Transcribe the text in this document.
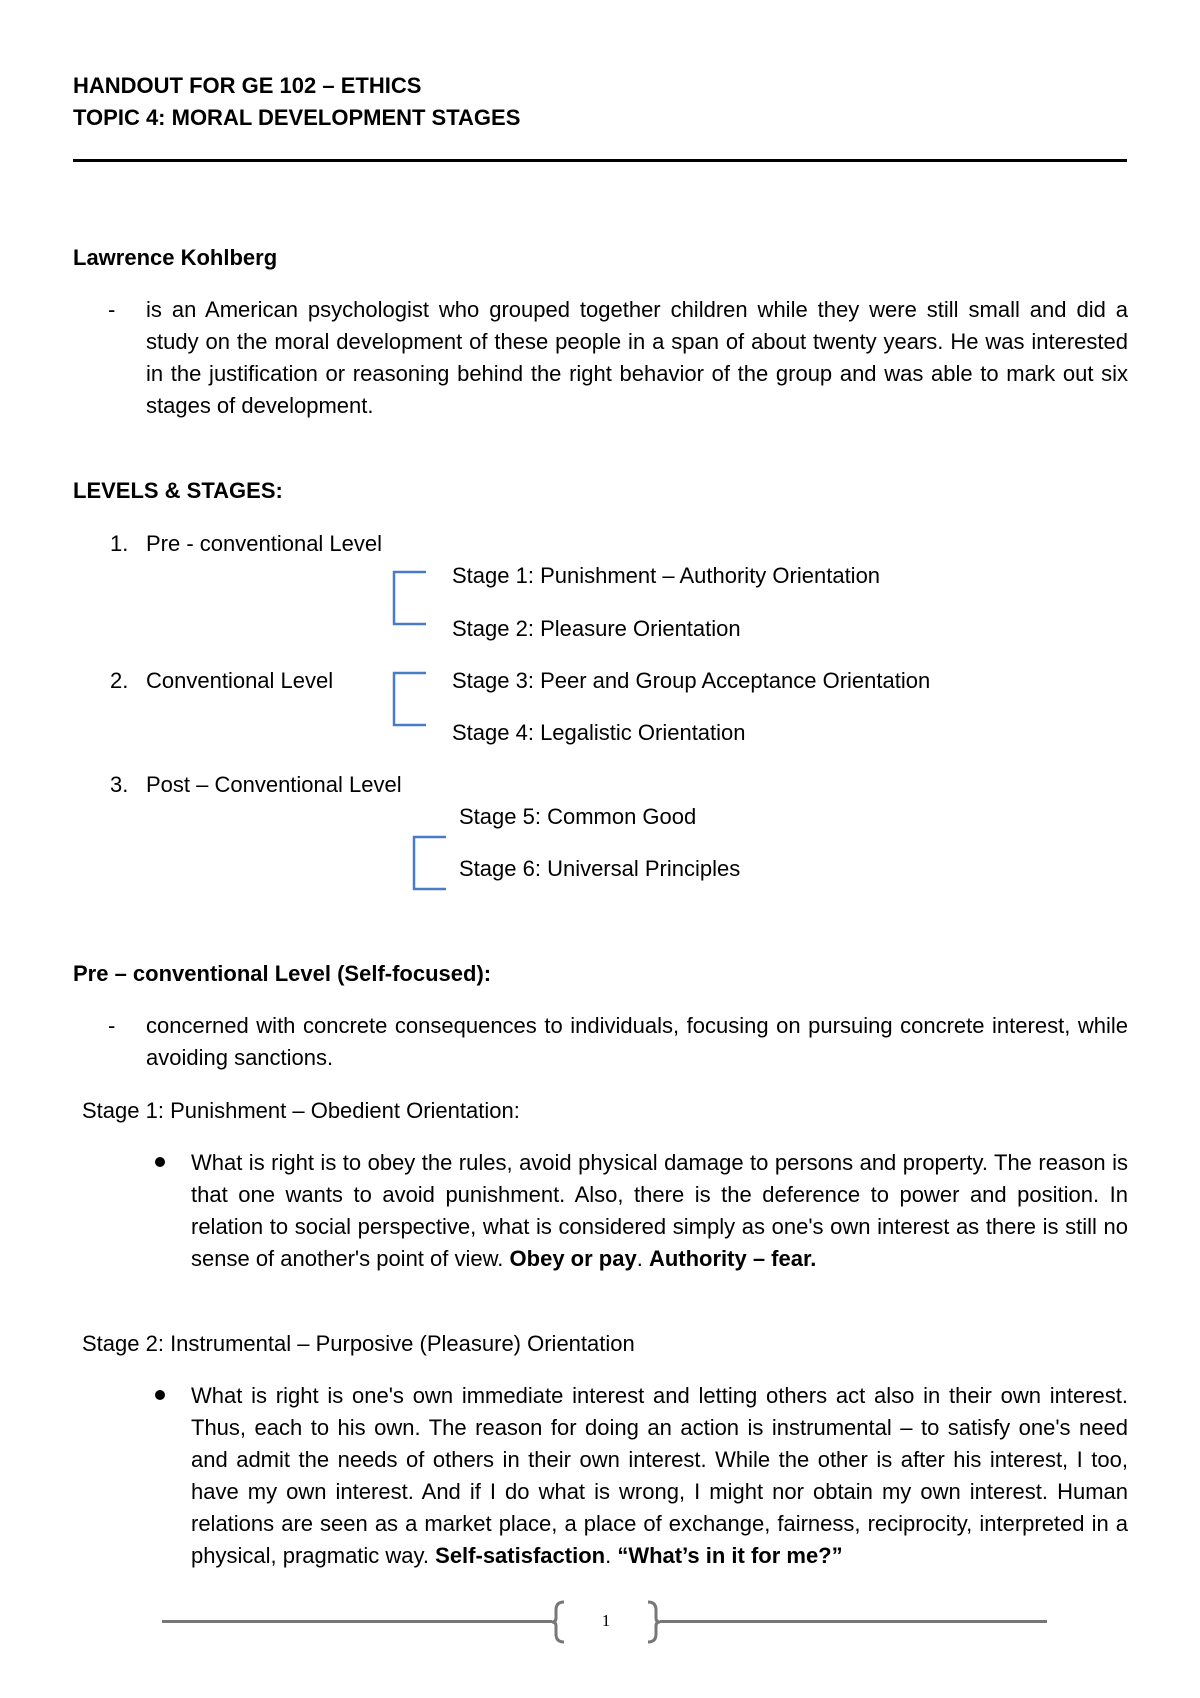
HANDOUT FOR GE 102 – ETHICS
TOPIC 4: MORAL DEVELOPMENT STAGES
Lawrence Kohlberg
- is an American psychologist who grouped together children while they were still small and did a study on the moral development of these people in a span of about twenty years. He was interested in the justification or reasoning behind the right behavior of the group and was able to mark out six stages of development.
LEVELS & STAGES:
1. Pre - conventional Level
Stage 1: Punishment – Authority Orientation
Stage 2: Pleasure Orientation
2. Conventional Level	Stage 3: Peer and Group Acceptance Orientation
Stage 4: Legalistic Orientation
3. Post – Conventional Level
Stage 5: Common Good
Stage 6: Universal Principles
Pre – conventional Level (Self-focused):
- concerned with concrete consequences to individuals, focusing on pursuing concrete interest, while avoiding sanctions.
Stage 1: Punishment – Obedient Orientation:
What is right is to obey the rules, avoid physical damage to persons and property. The reason is that one wants to avoid punishment. Also, there is the deference to power and position. In relation to social perspective, what is considered simply as one's own interest as there is still no sense of another's point of view. Obey or pay. Authority – fear.
Stage 2: Instrumental – Purposive (Pleasure) Orientation
What is right is one's own immediate interest and letting others act also in their own interest. Thus, each to his own. The reason for doing an action is instrumental – to satisfy one's need and admit the needs of others in their own interest. While the other is after his interest, I too, have my own interest. And if I do what is wrong, I might nor obtain my own interest. Human relations are seen as a market place, a place of exchange, fairness, reciprocity, interpreted in a physical, pragmatic way. Self-satisfaction. “What’s in it for me?”
1
